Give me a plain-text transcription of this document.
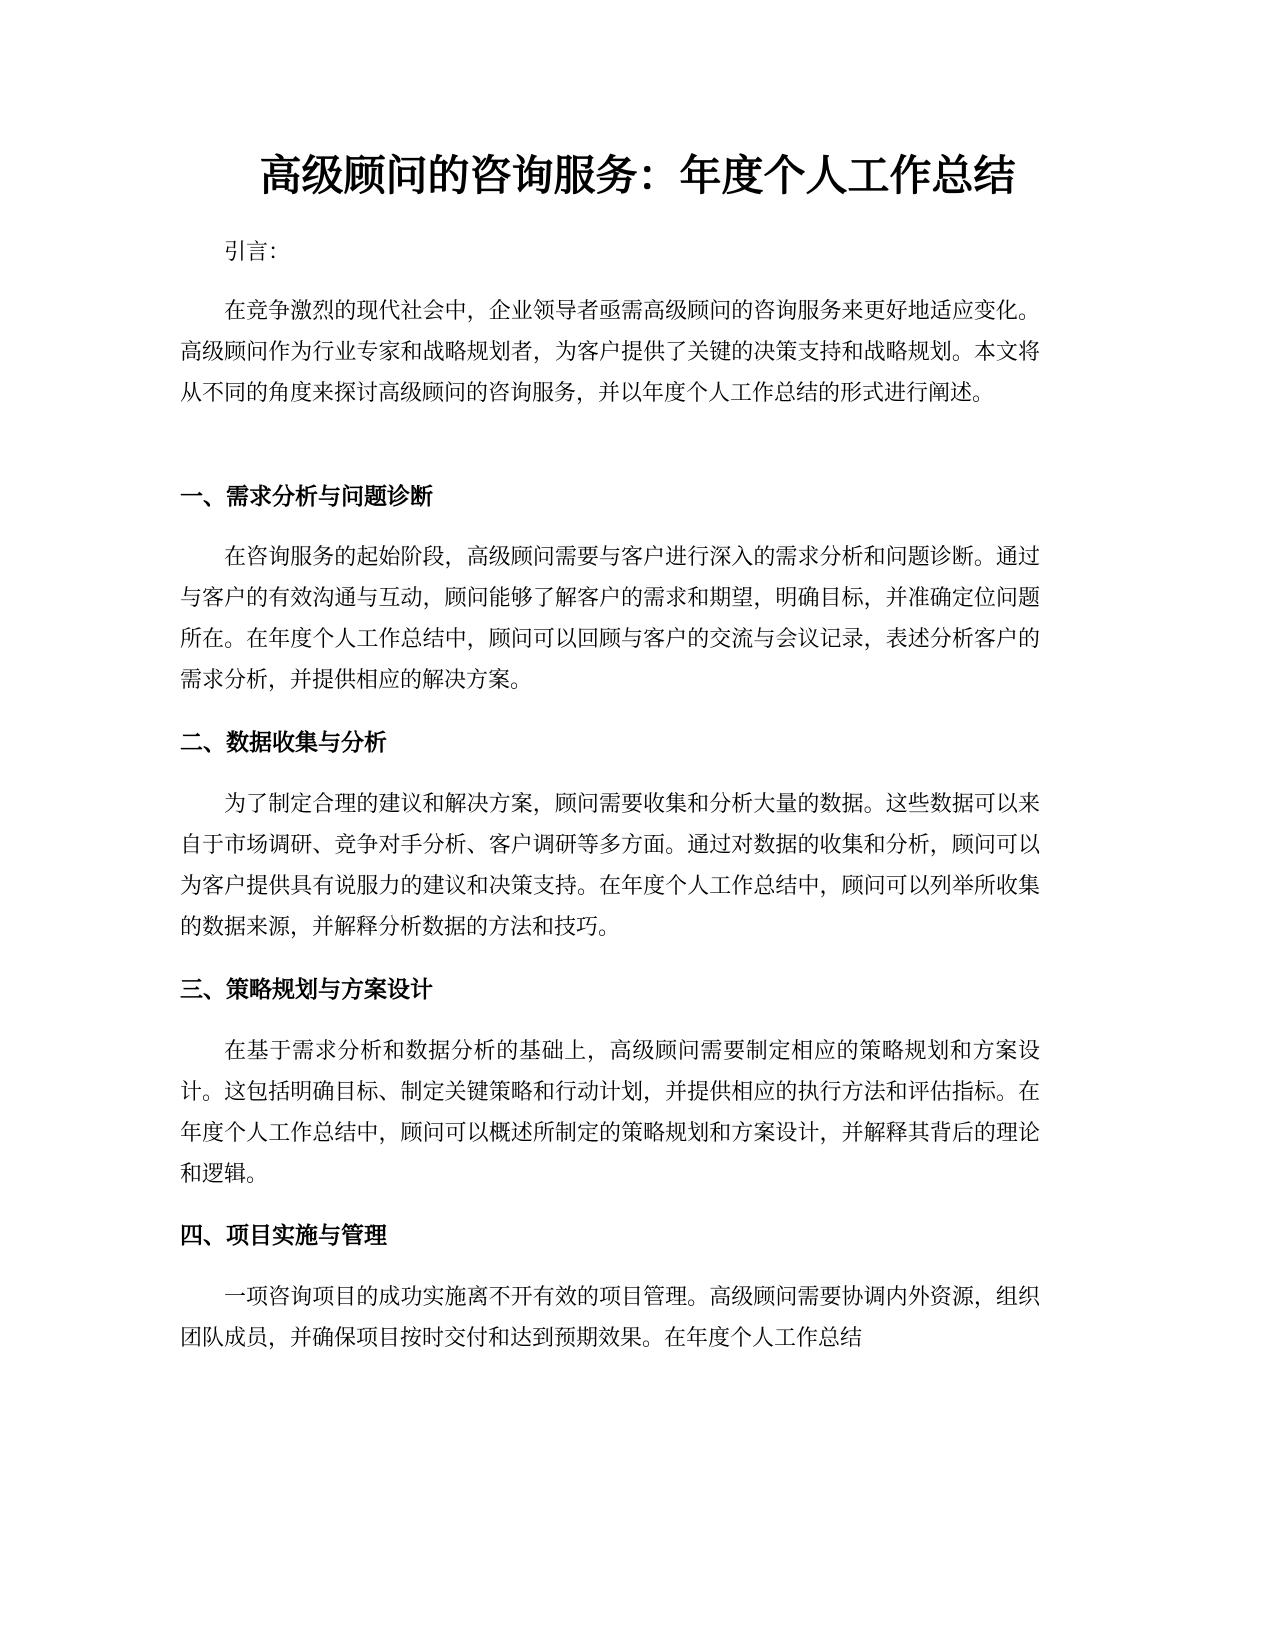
高级顾问的咨询服务：年度个人工作总结

引言：

在竞争激烈的现代社会中，企业领导者亟需高级顾问的咨询服务来更好地适应变化。高级顾问作为行业专家和战略规划者，为客户提供了关键的决策支持和战略规划。本文将从不同的角度来探讨高级顾问的咨询服务，并以年度个人工作总结的形式进行阐述。

一、需求分析与问题诊断

在咨询服务的起始阶段，高级顾问需要与客户进行深入的需求分析和问题诊断。通过与客户的有效沟通与互动，顾问能够了解客户的需求和期望，明确目标，并准确定位问题所在。在年度个人工作总结中，顾问可以回顾与客户的交流与会议记录，表述分析客户的需求分析，并提供相应的解决方案。

二、数据收集与分析

为了制定合理的建议和解决方案，顾问需要收集和分析大量的数据。这些数据可以来自于市场调研、竞争对手分析、客户调研等多方面。通过对数据的收集和分析，顾问可以为客户提供具有说服力的建议和决策支持。在年度个人工作总结中，顾问可以列举所收集的数据来源，并解释分析数据的方法和技巧。

三、策略规划与方案设计

在基于需求分析和数据分析的基础上，高级顾问需要制定相应的策略规划和方案设计。这包括明确目标、制定关键策略和行动计划，并提供相应的执行方法和评估指标。在年度个人工作总结中，顾问可以概述所制定的策略规划和方案设计，并解释其背后的理论和逻辑。

四、项目实施与管理

一项咨询项目的成功实施离不开有效的项目管理。高级顾问需要协调内外资源，组织团队成员，并确保项目按时交付和达到预期效果。在年度个人工作总结
